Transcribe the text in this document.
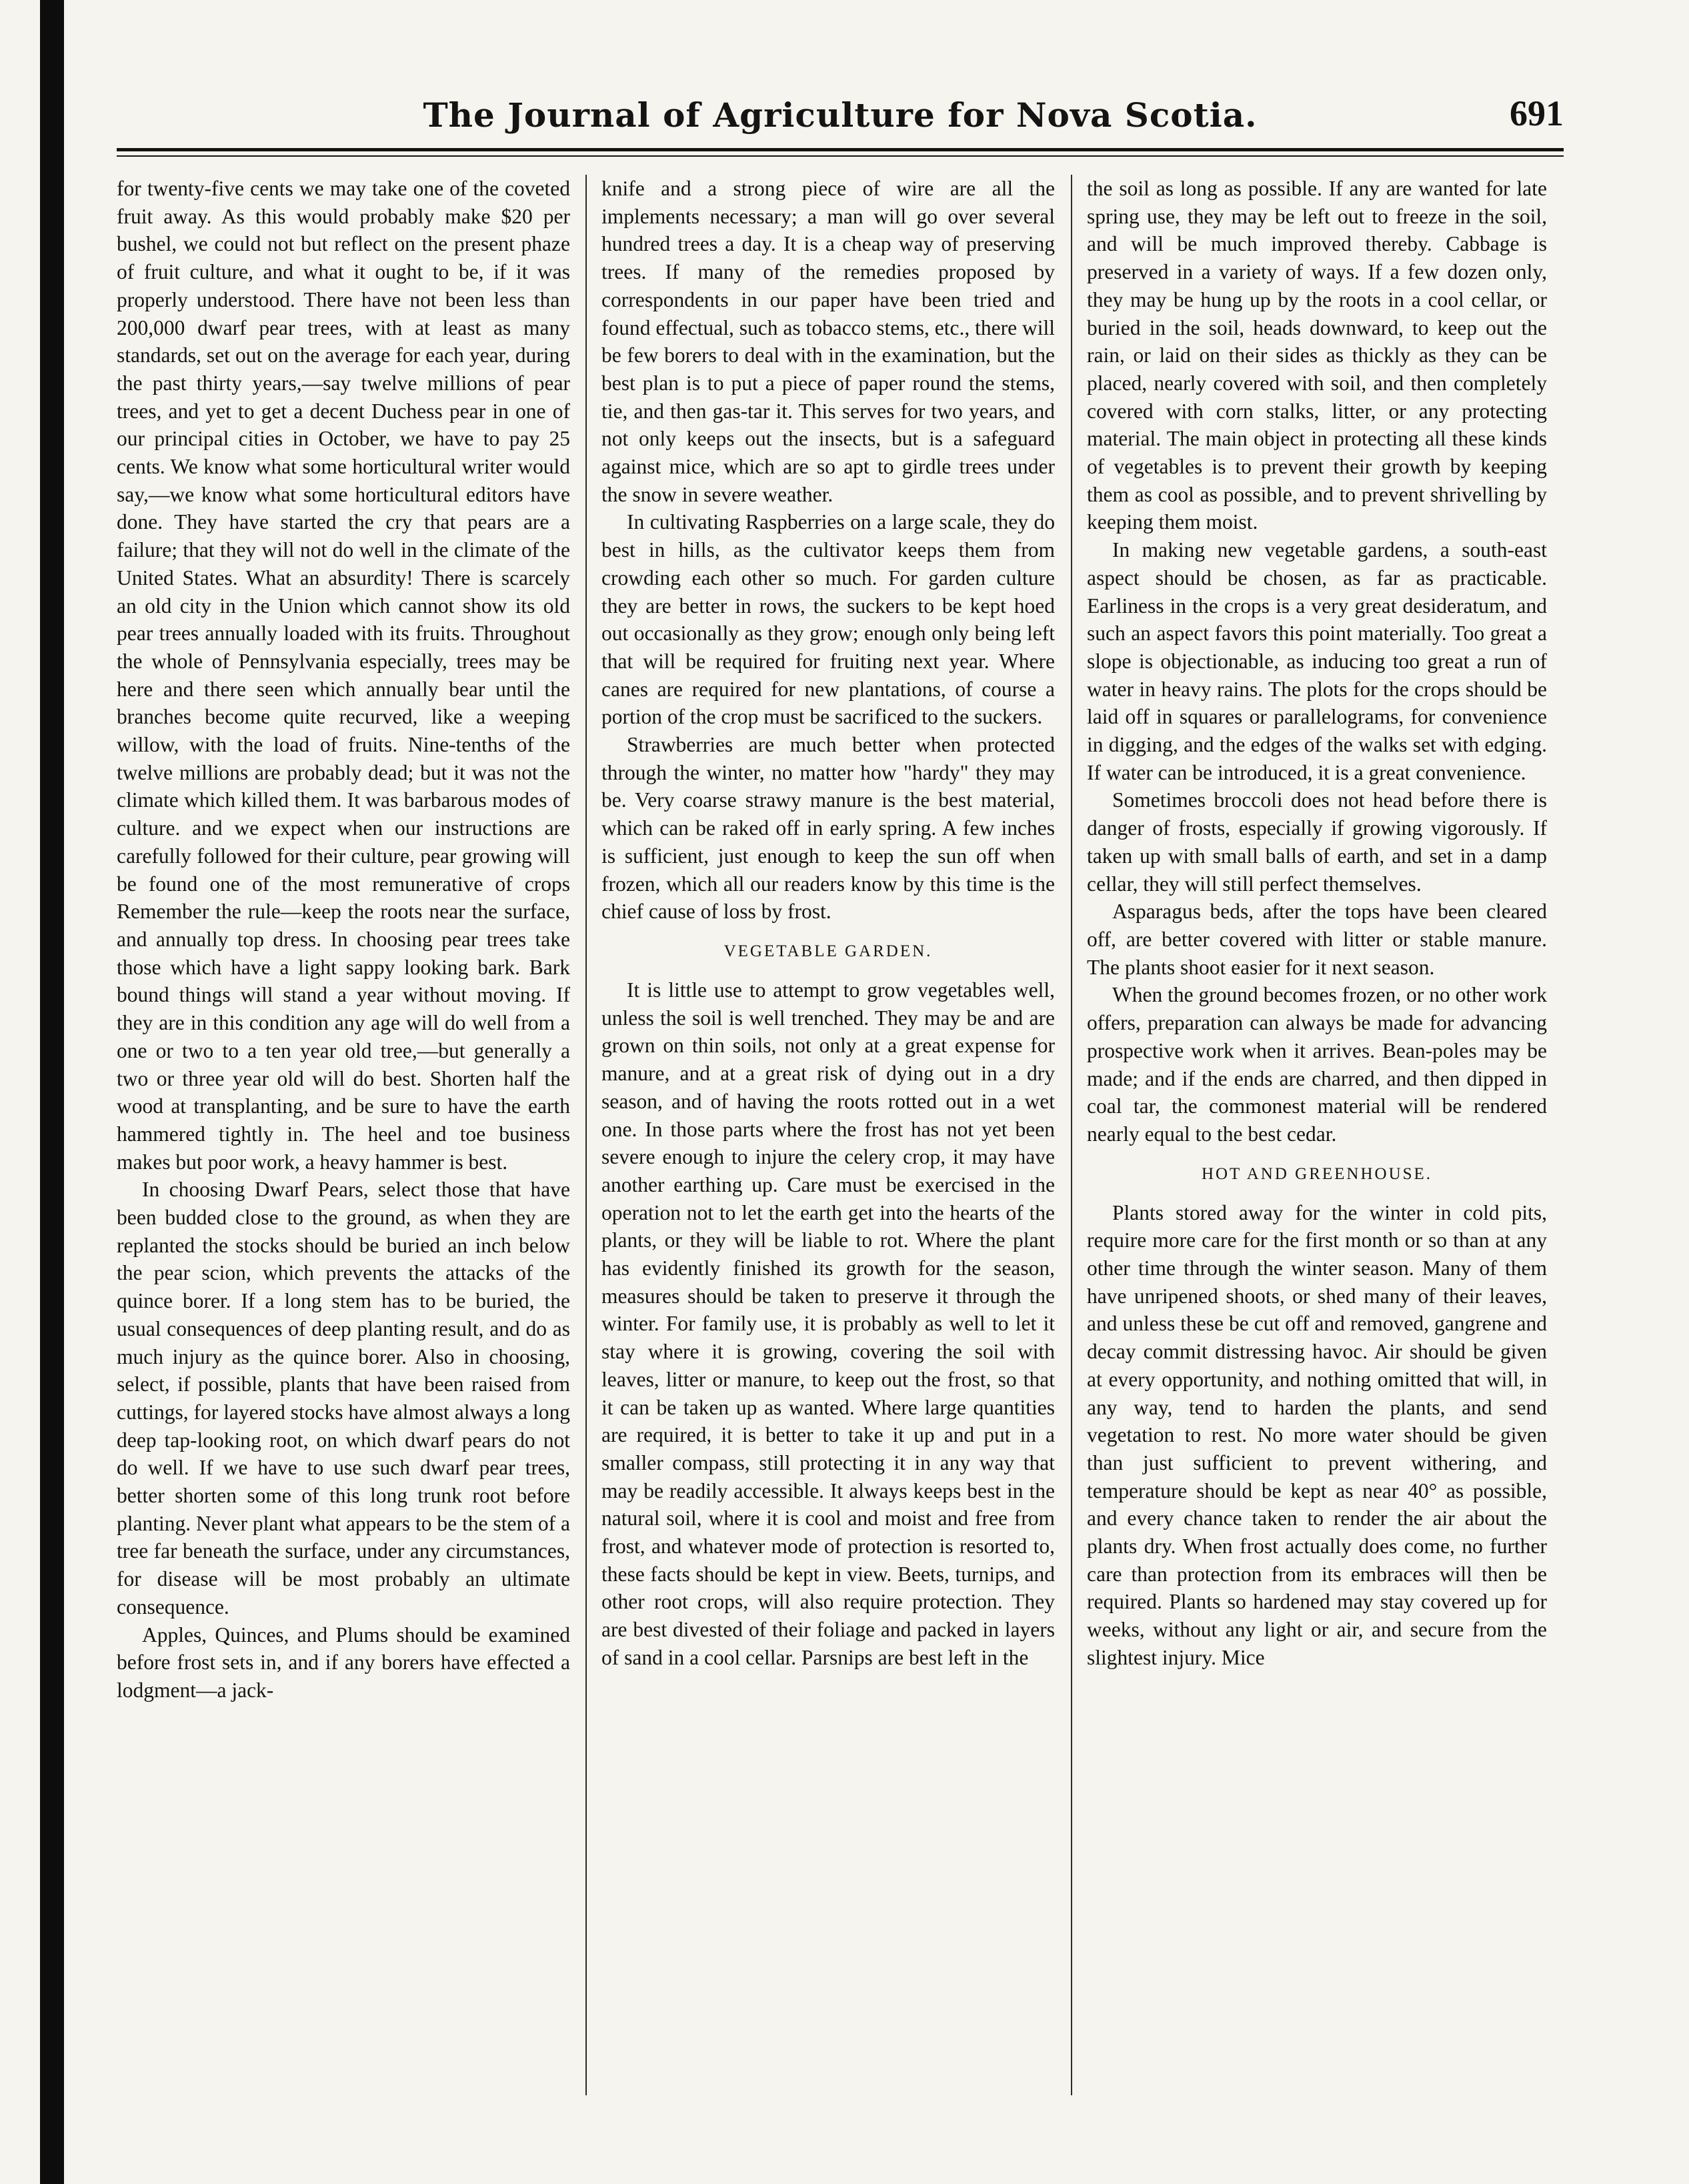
The Journal of Agriculture for Nova Scotia.	691

for twenty-five cents we may take one of the coveted fruit away. As this would probably make $20 per bushel, we could not but reflect on the present phaze of fruit culture, and what it ought to be, if it was properly understood. There have not been less than 200,000 dwarf pear trees, with at least as many standards, set out on the average for each year, during the past thirty years,—say twelve millions of pear trees, and yet to get a decent Duchess pear in one of our principal cities in October, we have to pay 25 cents. We know what some horticultural writer would say,—we know what some horticultural editors have done. They have started the cry that pears are a failure; that they will not do well in the climate of the United States. What an absurdity! There is scarcely an old city in the Union which cannot show its old pear trees annually loaded with its fruits. Throughout the whole of Pennsylvania especially, trees may be here and there seen which annually bear until the branches become quite recurved, like a weeping willow, with the load of fruits. Nine-tenths of the twelve millions are probably dead; but it was not the climate which killed them. It was barbarous modes of culture. and we expect when our instructions are carefully followed for their culture, pear growing will be found one of the most remunerative of crops Remember the rule—keep the roots near the surface, and annually top dress. In choosing pear trees take those which have a light sappy looking bark. Bark bound things will stand a year without moving. If they are in this condition any age will do well from a one or two to a ten year old tree,—but generally a two or three year old will do best. Shorten half the wood at transplanting, and be sure to have the earth hammered tightly in. The heel and toe business makes but poor work, a heavy hammer is best.

In choosing Dwarf Pears, select those that have been budded close to the ground, as when they are replanted the stocks should be buried an inch below the pear scion, which prevents the attacks of the quince borer. If a long stem has to be buried, the usual consequences of deep planting result, and do as much injury as the quince borer. Also in choosing, select, if possible, plants that have been raised from cuttings, for layered stocks have almost always a long deep tap-looking root, on which dwarf pears do not do well. If we have to use such dwarf pear trees, better shorten some of this long trunk root before planting. Never plant what appears to be the stem of a tree far beneath the surface, under any circumstances, for disease will be most probably an ultimate consequence.

Apples, Quinces, and Plums should be examined before frost sets in, and if any borers have effected a lodgment—a jack-

knife and a strong piece of wire are all the implements necessary; a man will go over several hundred trees a day. It is a cheap way of preserving trees. If many of the remedies proposed by correspondents in our paper have been tried and found effectual, such as tobacco stems, etc., there will be few borers to deal with in the examination, but the best plan is to put a piece of paper round the stems, tie, and then gas-tar it. This serves for two years, and not only keeps out the insects, but is a safeguard against mice, which are so apt to girdle trees under the snow in severe weather.

In cultivating Raspberries on a large scale, they do best in hills, as the cultivator keeps them from crowding each other so much. For garden culture they are better in rows, the suckers to be kept hoed out occasionally as they grow; enough only being left that will be required for fruiting next year. Where canes are required for new plantations, of course a portion of the crop must be sacrificed to the suckers.

Strawberries are much better when protected through the winter, no matter how "hardy" they may be. Very coarse strawy manure is the best material, which can be raked off in early spring. A few inches is sufficient, just enough to keep the sun off when frozen, which all our readers know by this time is the chief cause of loss by frost.

VEGETABLE GARDEN.

It is little use to attempt to grow vegetables well, unless the soil is well trenched. They may be and are grown on thin soils, not only at a great expense for manure, and at a great risk of dying out in a dry season, and of having the roots rotted out in a wet one. In those parts where the frost has not yet been severe enough to injure the celery crop, it may have another earthing up. Care must be exercised in the operation not to let the earth get into the hearts of the plants, or they will be liable to rot. Where the plant has evidently finished its growth for the season, measures should be taken to preserve it through the winter. For family use, it is probably as well to let it stay where it is growing, covering the soil with leaves, litter or manure, to keep out the frost, so that it can be taken up as wanted. Where large quantities are required, it is better to take it up and put in a smaller compass, still protecting it in any way that may be readily accessible. It always keeps best in the natural soil, where it is cool and moist and free from frost, and whatever mode of protection is resorted to, these facts should be kept in view. Beets, turnips, and other root crops, will also require protection. They are best divested of their foliage and packed in layers of sand in a cool cellar. Parsnips are best left in the

the soil as long as possible. If any are wanted for late spring use, they may be left out to freeze in the soil, and will be much improved thereby. Cabbage is preserved in a variety of ways. If a few dozen only, they may be hung up by the roots in a cool cellar, or buried in the soil, heads downward, to keep out the rain, or laid on their sides as thickly as they can be placed, nearly covered with soil, and then completely covered with corn stalks, litter, or any protecting material. The main object in protecting all these kinds of vegetables is to prevent their growth by keeping them as cool as possible, and to prevent shrivelling by keeping them moist.

In making new vegetable gardens, a south-east aspect should be chosen, as far as practicable. Earliness in the crops is a very great desideratum, and such an aspect favors this point materially. Too great a slope is objectionable, as inducing too great a run of water in heavy rains. The plots for the crops should be laid off in squares or parallelograms, for convenience in digging, and the edges of the walks set with edging. If water can be introduced, it is a great convenience.

Sometimes broccoli does not head before there is danger of frosts, especially if growing vigorously. If taken up with small balls of earth, and set in a damp cellar, they will still perfect themselves.

Asparagus beds, after the tops have been cleared off, are better covered with litter or stable manure. The plants shoot easier for it next season.

When the ground becomes frozen, or no other work offers, preparation can always be made for advancing prospective work when it arrives. Bean-poles may be made; and if the ends are charred, and then dipped in coal tar, the commonest material will be rendered nearly equal to the best cedar.

HOT AND GREENHOUSE.

Plants stored away for the winter in cold pits, require more care for the first month or so than at any other time through the winter season. Many of them have unripened shoots, or shed many of their leaves, and unless these be cut off and removed, gangrene and decay commit distressing havoc. Air should be given at every opportunity, and nothing omitted that will, in any way, tend to harden the plants, and send vegetation to rest. No more water should be given than just sufficient to prevent withering, and temperature should be kept as near 40° as possible, and every chance taken to render the air about the plants dry. When frost actually does come, no further care than protection from its embraces will then be required. Plants so hardened may stay covered up for weeks, without any light or air, and secure from the slightest injury. Mice
